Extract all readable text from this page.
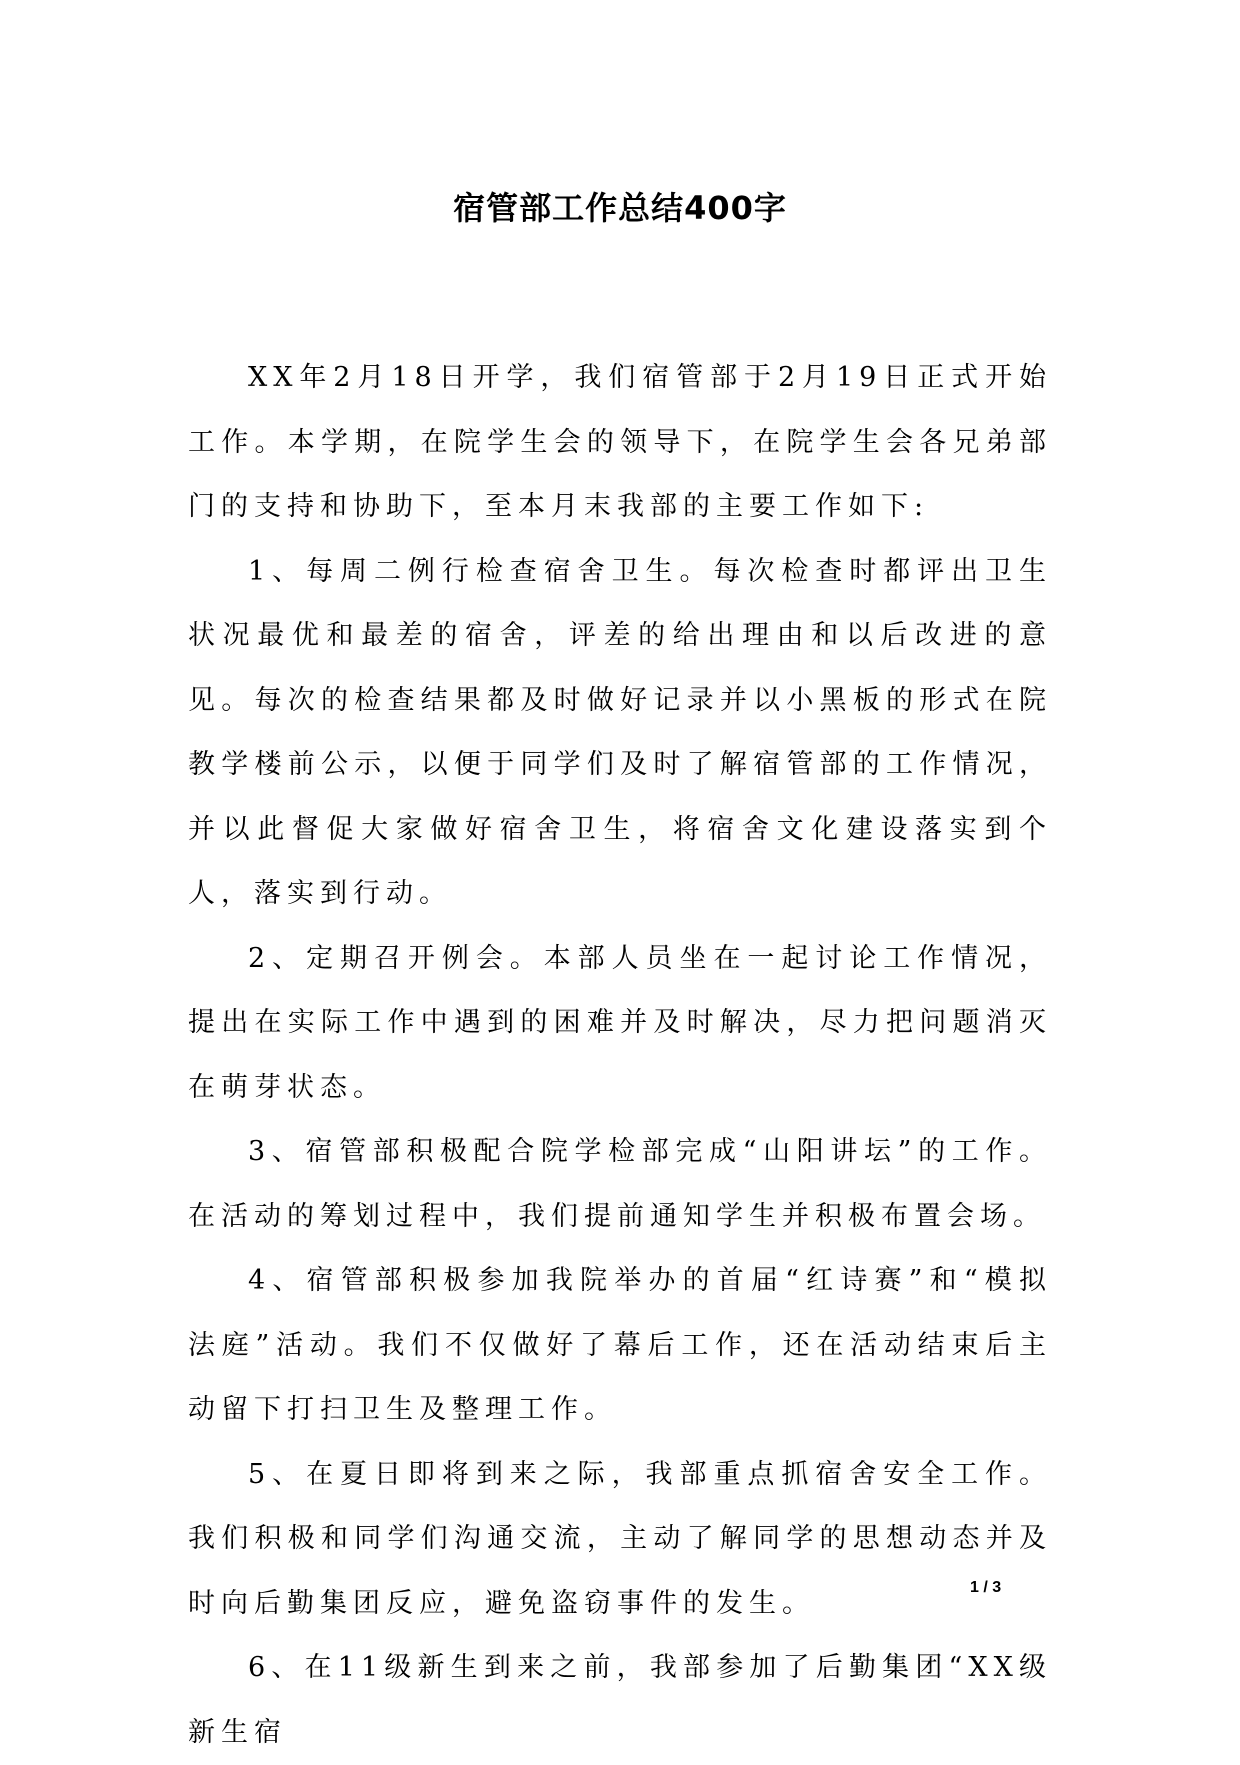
宿管部工作总结400字

XX年2月18日开学，我们宿管部于2月19日正式开始工作。本学期，在院学生会的领导下，在院学生会各兄弟部门的支持和协助下，至本月末我部的主要工作如下:

1、每周二例行检查宿舍卫生。每次检查时都评出卫生状况最优和最差的宿舍，评差的给出理由和以后改进的意见。每次的检查结果都及时做好记录并以小黑板的形式在院教学楼前公示，以便于同学们及时了解宿管部的工作情况，并以此督促大家做好宿舍卫生，将宿舍文化建设落实到个人，落实到行动。

2、定期召开例会。本部人员坐在一起讨论工作情况，提出在实际工作中遇到的困难并及时解决，尽力把问题消灭在萌芽状态。

3、宿管部积极配合院学检部完成“山阳讲坛”的工作。在活动的筹划过程中，我们提前通知学生并积极布置会场。

4、宿管部积极参加我院举办的首届“红诗赛”和“模拟法庭”活动。我们不仅做好了幕后工作，还在活动结束后主动留下打扫卫生及整理工作。

5、在夏日即将到来之际，我部重点抓宿舍安全工作。我们积极和同学们沟通交流，主动了解同学的思想动态并及时向后勤集团反应，避免盗窃事件的发生。

6、在11级新生到来之前，我部参加了后勤集团“XX级新生宿

1 / 3
